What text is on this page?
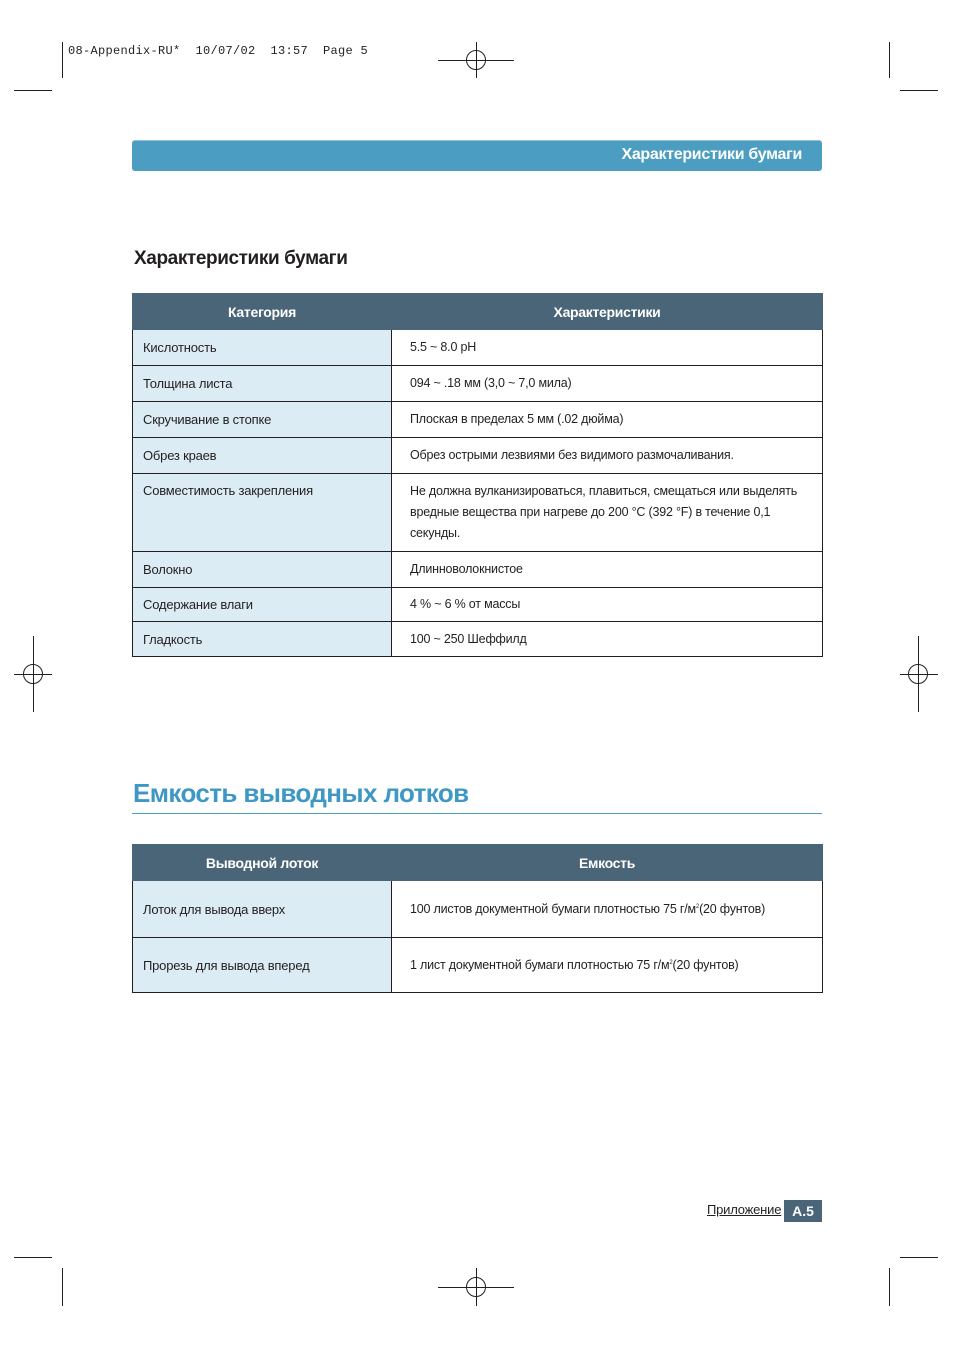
08-Appendix-RU*  10/07/02  13:57  Page 5
Характеристики бумаги
Характеристики бумаги
Категория	Характеристики
Кислотность	5.5 ~ 8.0 pH
Толщина листа	094 ~ .18 мм (3,0 ~ 7,0 мила)
Скручивание в стопке	Плоская в пределах 5 мм (.02 дюйма)
Обрез краев	Обрез острыми лезвиями без видимого размочаливания.
Совместимость закрепления	Не должна вулканизироваться, плавиться, смещаться или выделять
вредные вещества при нагреве до 200 °C (392 °F) в течение 0,1 секунды.

Волокно	Длинноволокнистое
Содержание влаги	4 % ~ 6 % от массы
Гладкость	100 ~ 250 Шеффилд
Емкость выводных лотков
Выводной лоток	Емкость
Лоток для вывода вверх	100 листов документной бумаги плотностью 75 $г/м^2(20$ фунтов)
Прорезь для вывода вперед	1 лист документной бумаги плотностью 75 $г/м^2(20$ фунтов)
Приложение A.5
